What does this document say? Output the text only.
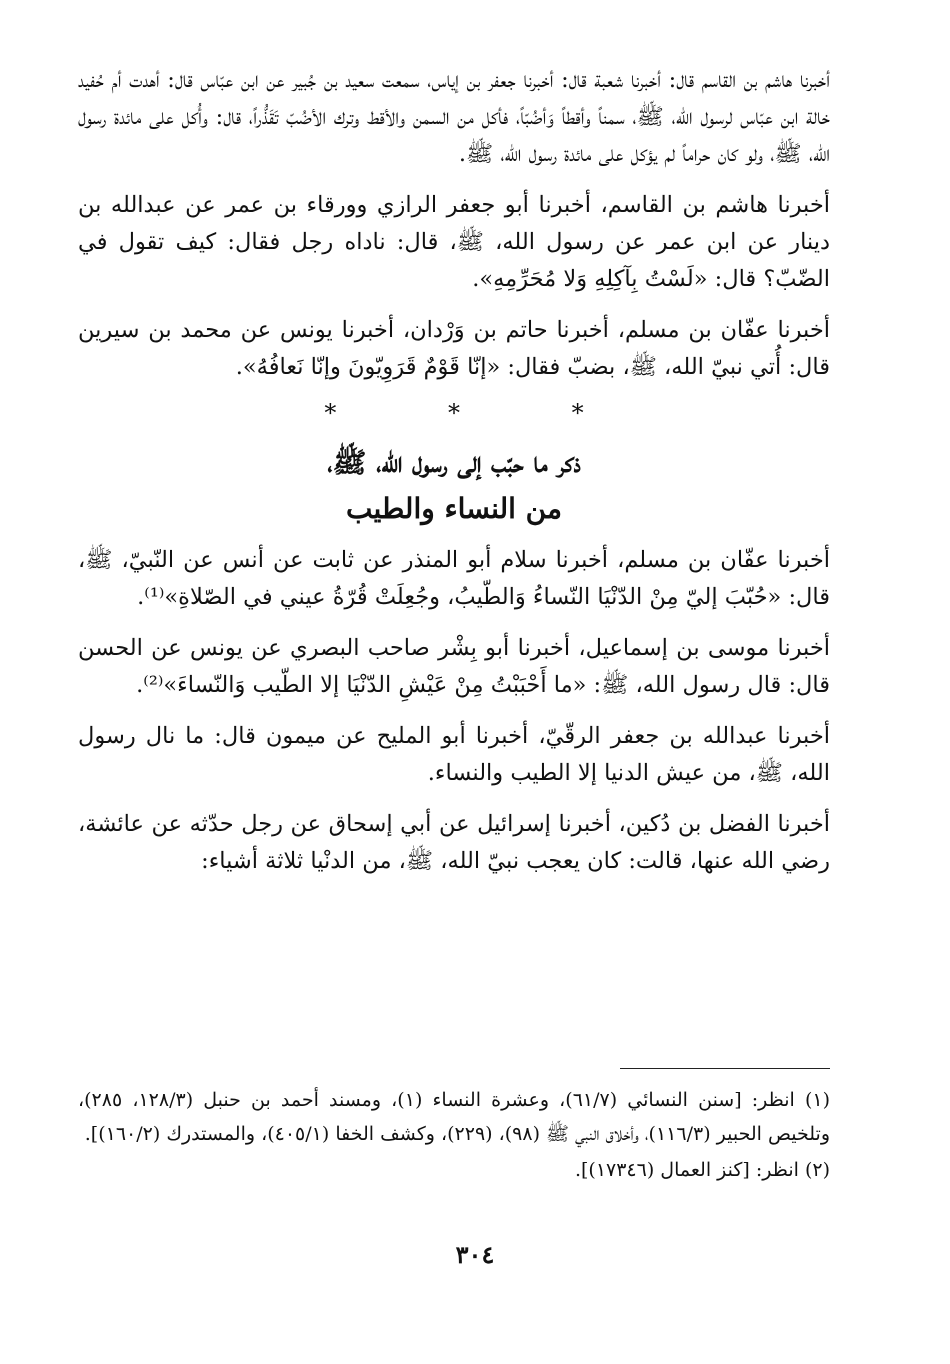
أخبرنا هاشم بن القاسم قال: أخبرنا شعبة قال: أخبرنا جعفر بن إياس، سمعت سعيد بن جُبير عن ابن عبّاس قال: أهدت أم حُفيد خالة ابن عبّاس لرسول الله، ﷺ، سمناً وأقطاً وَأضُبّاً، فأكل من السمن والأقط وترك الأضُبّ تَقَذُّراً، قال: وأُكل على مائدة رسول الله، ﷺ، ولو كان حراماً لم يؤكل على مائدة رسول الله، ﷺ.

أخبرنا هاشم بن القاسم، أخبرنا أبو جعفر الرازي وورقاء بن عمر عن عبدالله بن دينار عن ابن عمر عن رسول الله، ﷺ، قال: ناداه رجل فقال: كيف تقول في الضّبّ؟ قال: «لَسْتُ بِآكِلِهِ وَلا مُحَرِّمِهِ».

أخبرنا عفّان بن مسلم، أخبرنا حاتم بن وَرْدان، أخبرنا يونس عن محمد بن سيرين قال: أُتي نبيّ الله، ﷺ، بضبّ فقال: «إنّا قَوْمٌ قَرَوِيّونَ وإنّا نَعافُهُ».

* * *
ذكر ما حبّب إلى رسول الله، ﷺ،
من النساء والطيب

أخبرنا عفّان بن مسلم، أخبرنا سلام أبو المنذر عن ثابت عن أنس عن النّبيّ، ﷺ، قال: «حُبّبَ إليّ مِنْ الدّنْيَا النّساءُ وَالطّيبُ، وجُعِلَتْ قُرّةُ عيني في الصّلاةِ»⁽¹⁾.

أخبرنا موسى بن إسماعيل، أخبرنا أبو بِشْر صاحب البصري عن يونس عن الحسن قال: قال رسول الله، ﷺ: «ما أَحْبَبْتُ مِنْ عَيْشِ الدّنْيَا إلا الطّيب وَالنّساءَ»⁽²⁾.

أخبرنا عبدالله بن جعفر الرقّيّ، أخبرنا أبو المليح عن ميمون قال: ما نال رسول الله، ﷺ، من عيش الدنيا إلا الطيب والنساء.

أخبرنا الفضل بن دُكين، أخبرنا إسرائيل عن أبي إسحاق عن رجل حدّثه عن عائشة، رضي الله عنها، قالت: كان يعجب نبيّ الله، ﷺ، من الدنْيا ثلاثة أشياء:

(١) انظر: [سنن النسائي (٦١/٧)، وعشرة النساء (١)، ومسند أحمد بن حنبل (١٢٨/٣، ٢٨٥)، وتلخيص الحبير (١١٦/٣)، وأخلاق النبي ﷺ (٩٨)، (٢٢٩)، وكشف الخفا (٤٠٥/١)، والمستدرك (١٦٠/٢)].

(٢) انظر: [كنز العمال (١٧٣٤٦)].

٣٠٤
